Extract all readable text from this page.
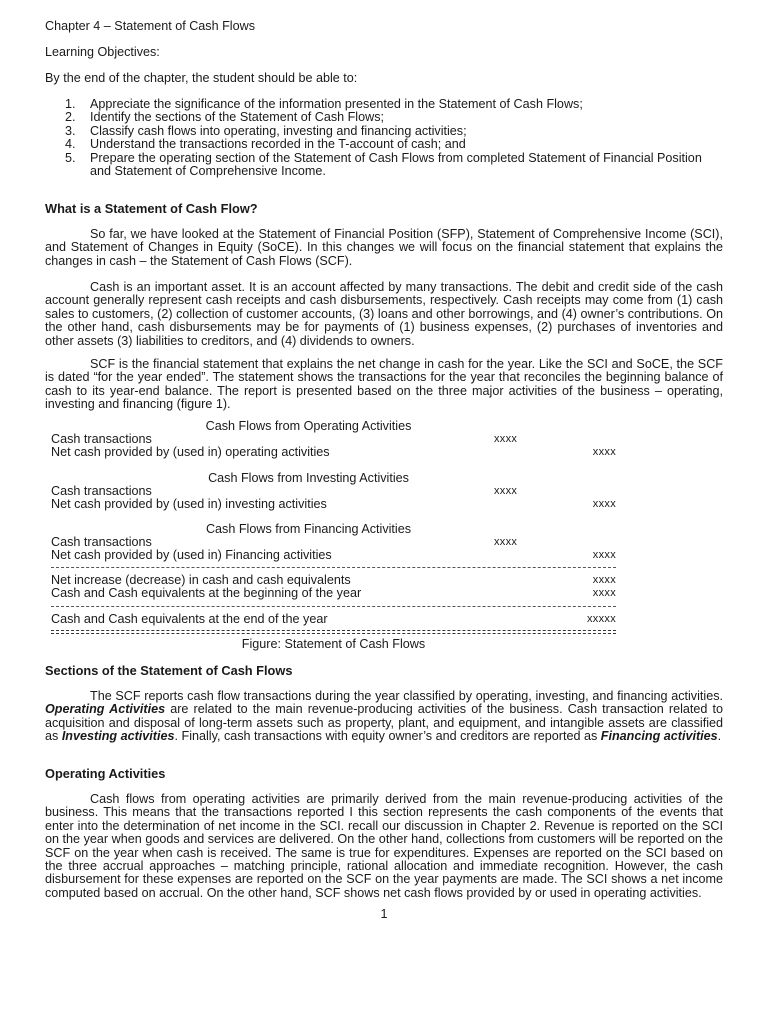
Chapter 4 – Statement of Cash Flows
Learning Objectives:
By the end of the chapter, the student should be able to:
1. Appreciate the significance of the information presented in the Statement of Cash Flows;
2. Identify the sections of the Statement of Cash Flows;
3. Classify cash flows into operating, investing and financing activities;
4. Understand the transactions recorded in the T-account of cash; and
5. Prepare the operating section of the Statement of Cash Flows from completed Statement of Financial Position and Statement of Comprehensive Income.
What is a Statement of Cash Flow?

So far, we have looked at the Statement of Financial Position (SFP), Statement of Comprehensive Income (SCI), and Statement of Changes in Equity (SoCE). In this changes we will focus on the financial statement that explains the changes in cash – the Statement of Cash Flows (SCF).

Cash is an important asset. It is an account affected by many transactions. The debit and credit side of the cash account generally represent cash receipts and cash disbursements, respectively. Cash receipts may come from (1) cash sales to customers, (2) collection of customer accounts, (3) loans and other borrowings, and (4) owner’s contributions. On the other hand, cash disbursements may be for payments of (1) business expenses, (2) purchases of inventories and other assets (3) liabilities to creditors, and (4) dividends to owners.

SCF is the financial statement that explains the net change in cash for the year. Like the SCI and SoCE, the SCF is dated “for the year ended”. The statement shows the transactions for the year that reconciles the beginning balance of cash to its year-end balance. The report is presented based on the three major activities of the business – operating, investing and financing (figure 1).

Cash Flows from Operating Activities
Cash transactions	xxxx
Net cash provided by (used in) operating activities	xxxx
Cash Flows from Investing Activities
Cash transactions	xxxx
Net cash provided by (used in) investing activities	xxxx
Cash Flows from Financing Activities
Cash transactions	xxxx
Net cash provided by (used in) Financing activities	xxxx
Net increase (decrease) in cash and cash equivalents	xxxx
Cash and Cash equivalents at the beginning of the year	xxxx
Cash and Cash equivalents at the end of the year	xxxxx
Figure: Statement of Cash Flows
Sections of the Statement of Cash Flows

The SCF reports cash flow transactions during the year classified by operating, investing, and financing activities. Operating Activities are related to the main revenue-producing activities of the business. Cash transaction related to acquisition and disposal of long-term assets such as property, plant, and equipment, and intangible assets are classified as Investing activities. Finally, cash transactions with equity owner’s and creditors are reported as Financing activities.

Operating Activities

Cash flows from operating activities are primarily derived from the main revenue-producing activities of the business. This means that the transactions reported I this section represents the cash components of the events that enter into the determination of net income in the SCI. recall our discussion in Chapter 2. Revenue is reported on the SCI on the year when goods and services are delivered. On the other hand, collections from customers will be reported on the SCF on the year when cash is received. The same is true for expenditures. Expenses are reported on the SCI based on the three accrual approaches – matching principle, rational allocation and immediate recognition. However, the cash disbursement for these expenses are reported on the SCF on the year payments are made. The SCI shows a net income computed based on accrual. On the other hand, SCF shows net cash flows provided by or used in operating activities.

1
